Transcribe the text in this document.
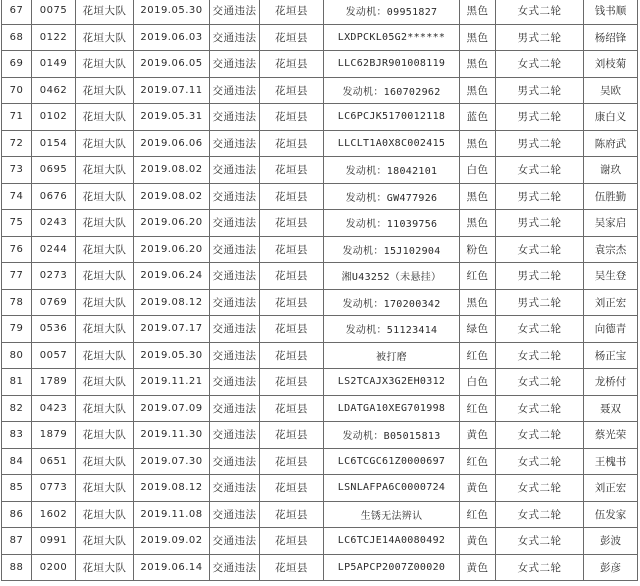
67	0075	花垣大队	2019.05.30	交通违法	花垣县	发动机：09951827	黑色	女式二轮	钱书顺
68	0122	花垣大队	2019.06.03	交通违法	花垣县	LXDPCKL05G2******	黑色	男式二轮	杨绍锋
69	0149	花垣大队	2019.06.05	交通违法	花垣县	LLC62BJR901008119	黑色	女式二轮	刘枝菊
70	0462	花垣大队	2019.07.11	交通违法	花垣县	发动机：160702962	黑色	男式二轮	吴欧
71	0102	花垣大队	2019.05.31	交通违法	花垣县	LC6PCJK5170012118	蓝色	男式二轮	康白义
72	0154	花垣大队	2019.06.06	交通违法	花垣县	LLCLT1A0X8C002415	黑色	男式二轮	陈府武
73	0695	花垣大队	2019.08.02	交通违法	花垣县	发动机：18042101	白色	女式二轮	谢玖
74	0676	花垣大队	2019.08.02	交通违法	花垣县	发动机：GW477926	黑色	男式二轮	伍胜勤
75	0243	花垣大队	2019.06.20	交通违法	花垣县	发动机：11039756	黑色	男式二轮	吴家启
76	0244	花垣大队	2019.06.20	交通违法	花垣县	发动机：15J102904	粉色	女式二轮	袁宗杰
77	0273	花垣大队	2019.06.24	交通违法	花垣县	湘U43252（未悬挂）	红色	男式二轮	吴生登
78	0769	花垣大队	2019.08.12	交通违法	花垣县	发动机：170200342	黑色	男式二轮	刘正宏
79	0536	花垣大队	2019.07.17	交通违法	花垣县	发动机：51123414	绿色	女式二轮	向德青
80	0057	花垣大队	2019.05.30	交通违法	花垣县	被打磨	红色	女式二轮	杨正宝
81	1789	花垣大队	2019.11.21	交通违法	花垣县	LS2TCAJX3G2EH0312	白色	女式二轮	龙桥付
82	0423	花垣大队	2019.07.09	交通违法	花垣县	LDATGA10XEG701998	红色	女式二轮	聂双
83	1879	花垣大队	2019.11.30	交通违法	花垣县	发动机：B05015813	黄色	女式二轮	蔡光荣
84	0651	花垣大队	2019.07.30	交通违法	花垣县	LC6TCGC61Z0000697	红色	女式二轮	王槐书
85	0773	花垣大队	2019.08.12	交通违法	花垣县	LSNLAFPA6C0000724	黄色	女式二轮	刘正宏
86	1602	花垣大队	2019.11.08	交通违法	花垣县	生锈无法辨认	红色	女式二轮	伍发家
87	0991	花垣大队	2019.09.02	交通违法	花垣县	LC6TCJE14A0080492	黄色	女式二轮	彭波
88	0200	花垣大队	2019.06.14	交通违法	花垣县	LP5APCP2007Z00020	黄色	女式二轮	彭彦
